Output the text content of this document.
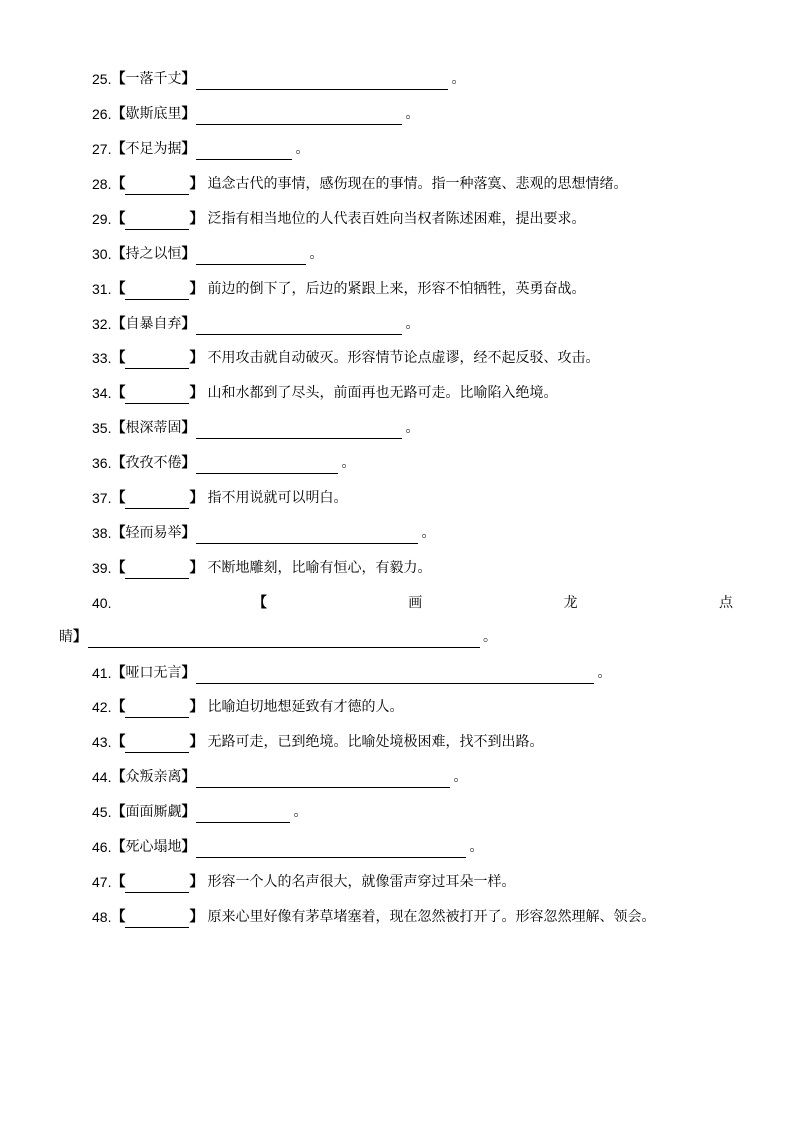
25. 【 一落千丈 】	。
26. 【 歇斯底里 】	。
27. 【 不足为据 】	。
28. 【	】 追念古代的事情，感伤现在的事情。指一种落寞、悲观的思想情绪。
29. 【	】 泛指有相当地位的人代表百姓向当权者陈述困难，提出要求。
30. 【 持之以恒 】	。
31. 【	】 前边的倒下了，后边的紧跟上来，形容不怕牺牲，英勇奋战。
32. 【 自暴自弃 】	。
33. 【	】 不用攻击就自动破灭。形容情节论点虚谬，经不起反驳、攻击。
34. 【	】 山和水都到了尽头，前面再也无路可走。比喻陷入绝境。
35. 【 根深蒂固 】	。
36. 【 孜孜不倦 】	。
37. 【	】 指不用说就可以明白。
38. 【 轻而易举 】	。
39. 【	】 不断地雕刻，比喻有恒心，有毅力。
41. 【 哑口无言 】	。
42. 【	】 比喻迫切地想延致有才德的人。
43. 【	】 无路可走，已到绝境。比喻处境极困难，找不到出路。
44. 【 众叛亲离 】	。
45. 【 面面厮觑 】	。
46. 【 死心塌地 】	。
47. 【	】 形容一个人的名声很大，就像雷声穿过耳朵一样。
48. 【	】 原来心里好像有茅草堵塞着，现在忽然被打开了。形容忽然理解、领会。
40.	【	画	龙	点
睛 】	。
